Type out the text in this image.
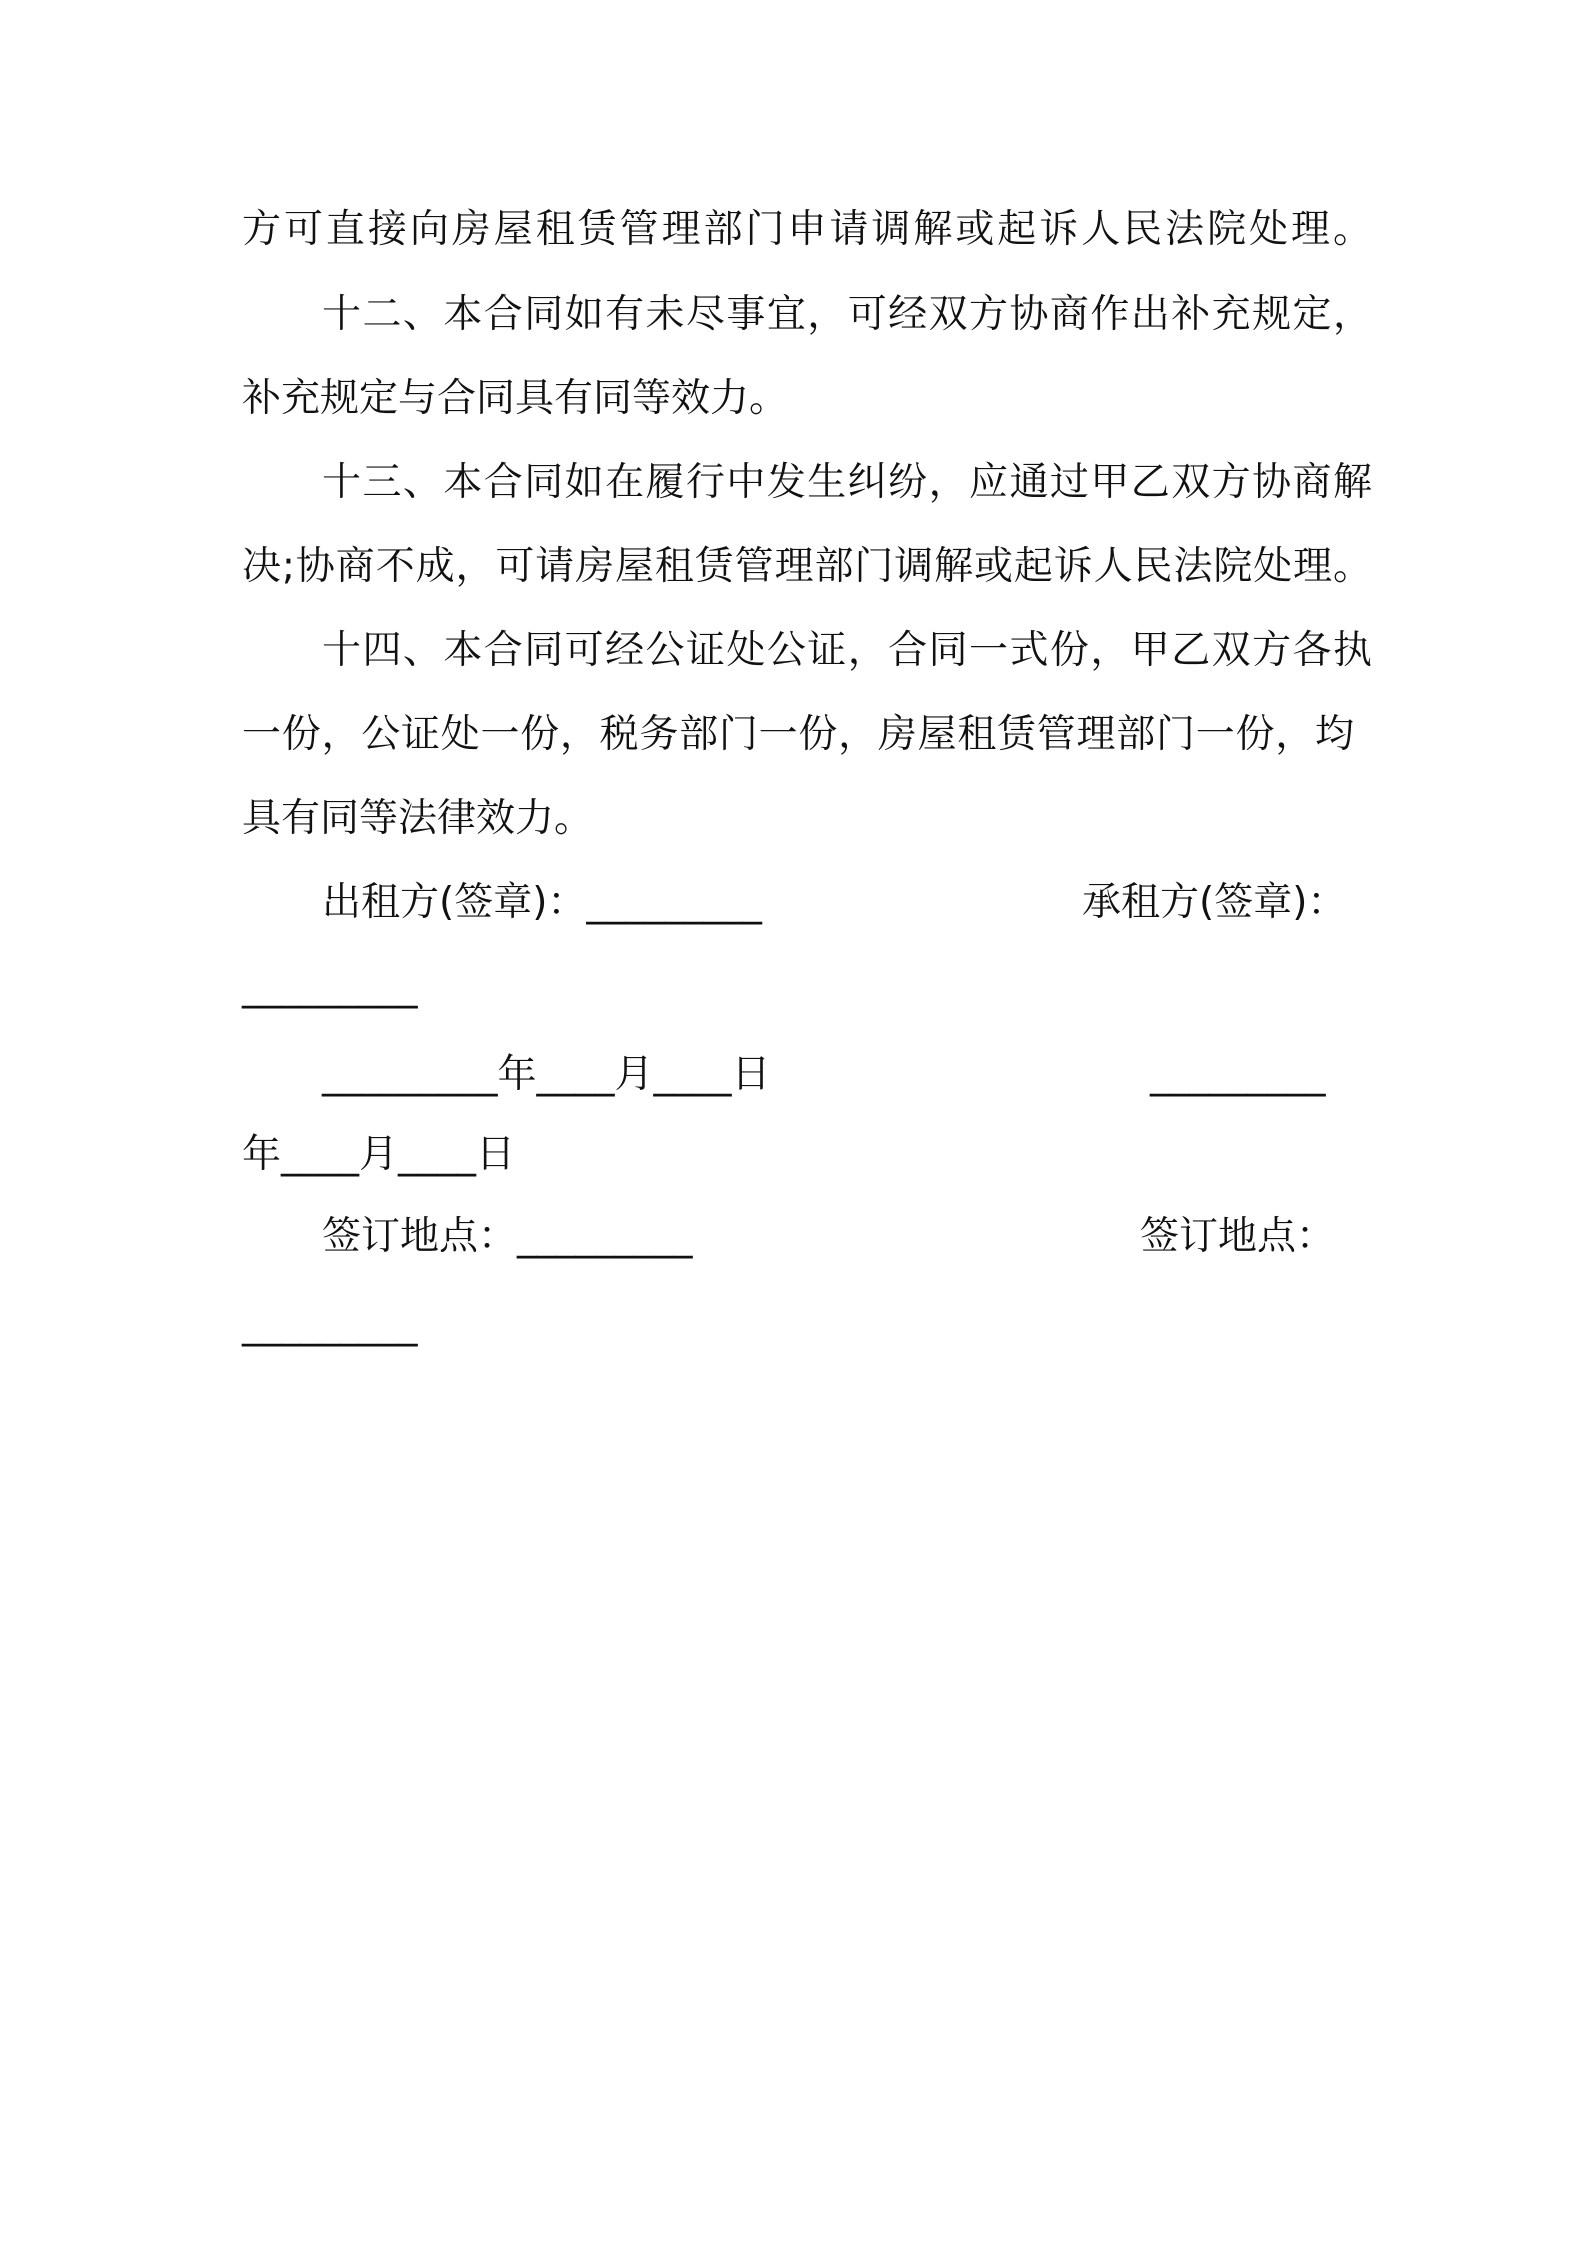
方可直接向房屋租赁管理部门申请调解或起诉人民法院处理。
十二、本合同如有未尽事宜，可经双方协商作出补充规定，
补充规定与合同具有同等效力。
十三、本合同如在履行中发生纠纷，应通过甲乙双方协商解
决;协商不成，可请房屋租赁管理部门调解或起诉人民法院处理。
十四、本合同可经公证处公证，合同一式份，甲乙双方各执
一份，公证处一份，税务部门一份，房屋租赁管理部门一份，均
具有同等法律效力。
出租方(签章)：_________	承租方(签章)：
_________
_________年____月____日	_________
年____月____日
签订地点：_________	签订地点：
_________
